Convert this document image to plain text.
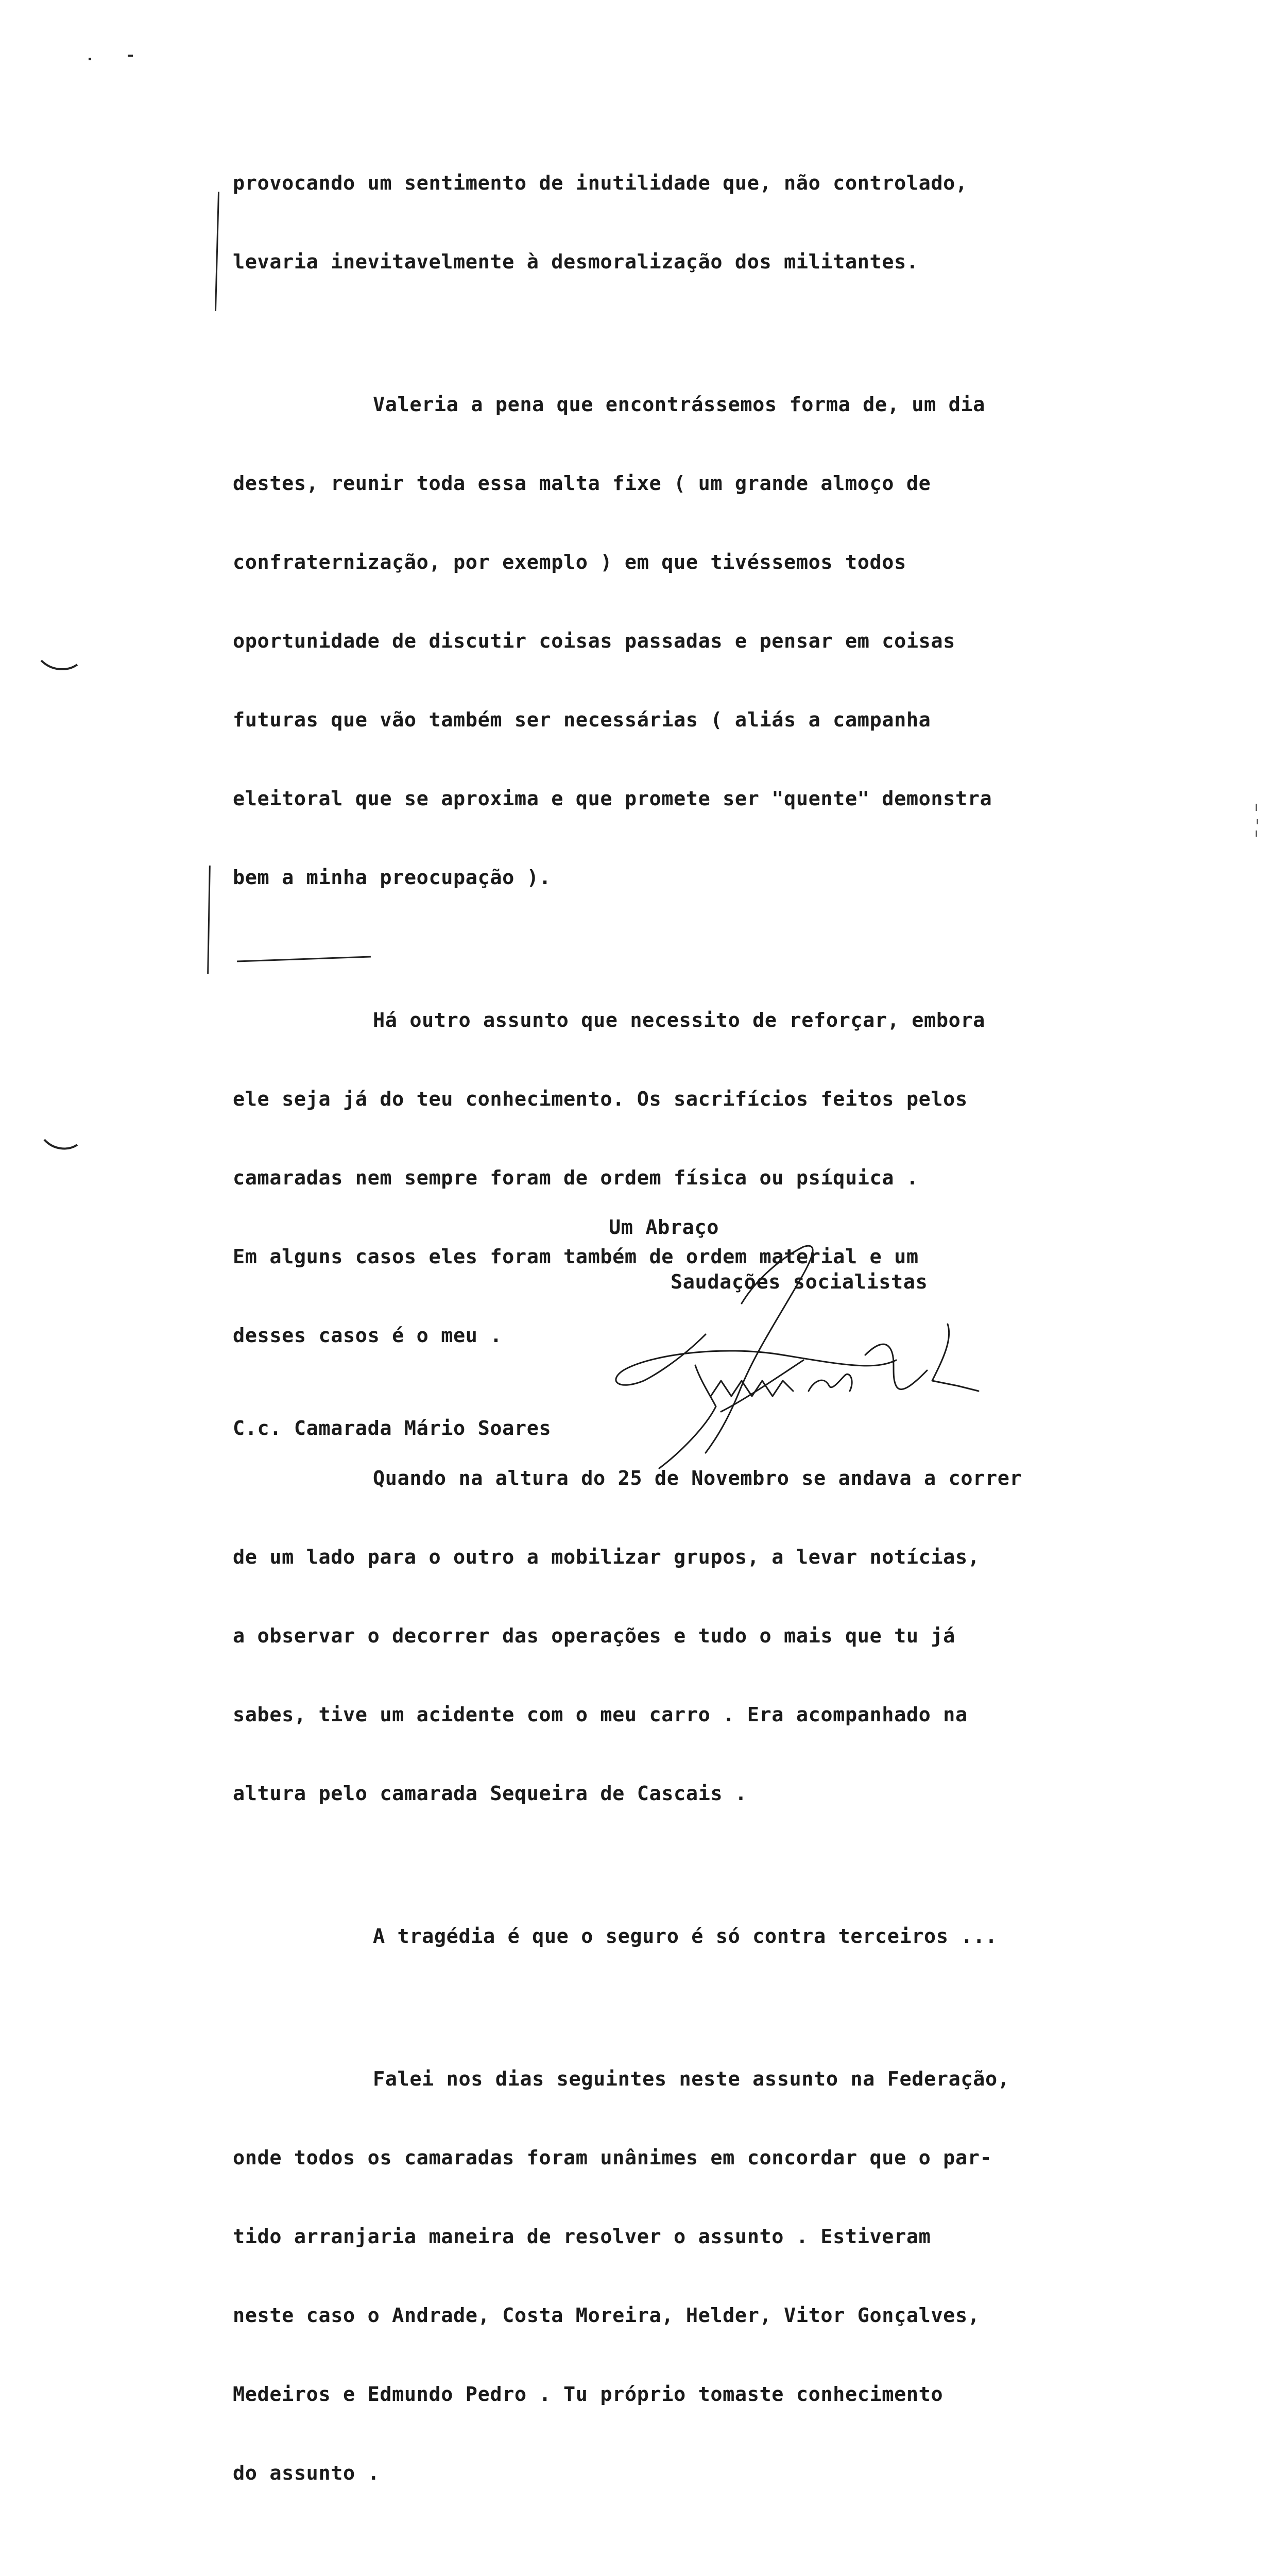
provocando um sentimento de inutilidade que, não controlado,

levaria inevitavelmente à desmoralização dos militantes.

Valeria a pena que encontrássemos forma de, um dia

destes, reunir toda essa malta fixe ( um grande almoço de

confraternização, por exemplo ) em que tivéssemos todos

oportunidade de discutir coisas passadas e pensar em coisas

futuras que vão também ser necessárias ( aliás a campanha

eleitoral que se aproxima e que promete ser "quente" demonstra

bem a minha preocupação ).

Há outro assunto que necessito de reforçar, embora

ele seja já do teu conhecimento. Os sacrifícios feitos pelos

camaradas nem sempre foram de ordem física ou psíquica .

Em alguns casos eles foram também de ordem material e um

desses casos é o meu .

Quando na altura do 25 de Novembro se andava a correr

de um lado para o outro a mobilizar grupos, a levar notícias,

a observar o decorrer das operações e tudo o mais que tu já

sabes, tive um acidente com o meu carro . Era acompanhado na

altura pelo camarada Sequeira de Cascais .

A tragédia é que o seguro é só contra terceiros ...

Falei nos dias seguintes neste assunto na Federação,

onde todos os camaradas foram unânimes em concordar que o par-

tido arranjaria maneira de resolver o assunto . Estiveram

neste caso o Andrade, Costa Moreira, Helder, Vitor Gonçalves,

Medeiros e Edmundo Pedro . Tu próprio tomaste conhecimento

do assunto .

Um Abraço
Saudações socialistas
C.c. Camarada Mário Soares
